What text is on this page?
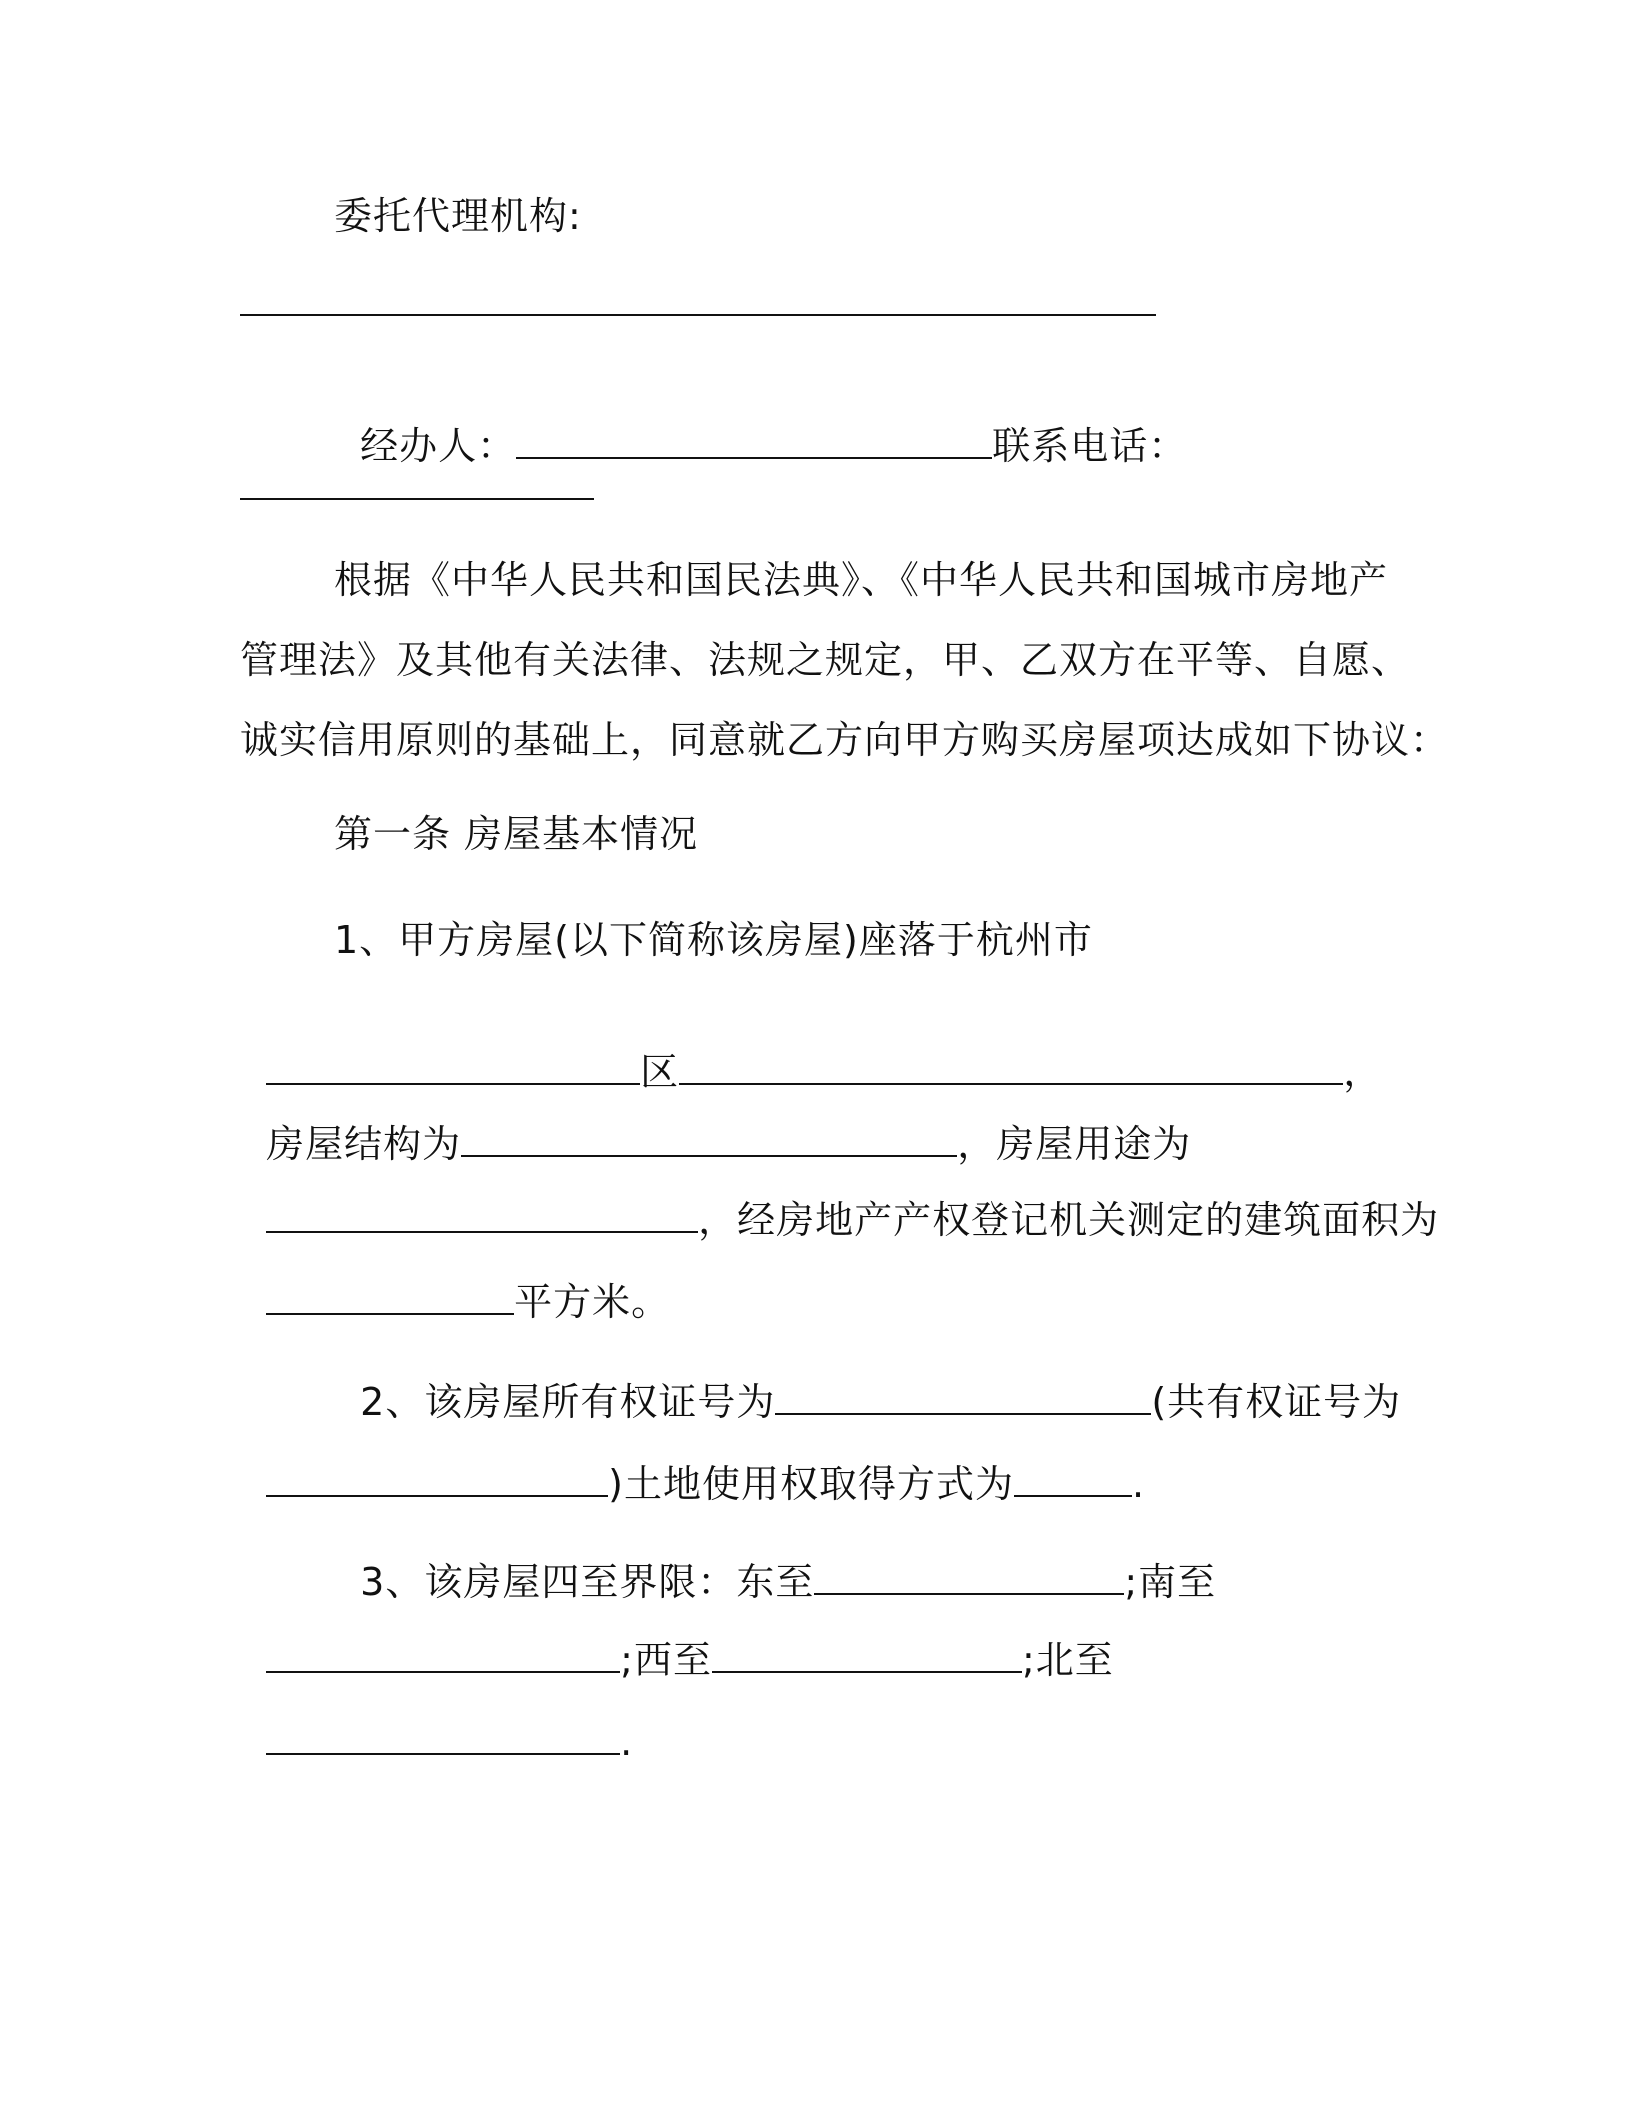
委托代理机构:

经办人：	联系电话：

根据《中华人民共和国民法典》、《中华人民共和国城市房地产
管理法》及其他有关法律、法规之规定，甲、乙双方在平等、自愿、
诚实信用原则的基础上，同意就乙方向甲方购买房屋项达成如下协议：
第一条 房屋基本情况
1、甲方房屋(以下简称该房屋)座落于杭州市

区	，

房屋结构为	，房屋用途为

，经房地产产权登记机关测定的建筑面积为

平方米。

2、该房屋所有权证号为	(共有权证号为

)土地使用权取得方式为	.

3、该房屋四至界限：东至	;南至

;西至	;北至

.
